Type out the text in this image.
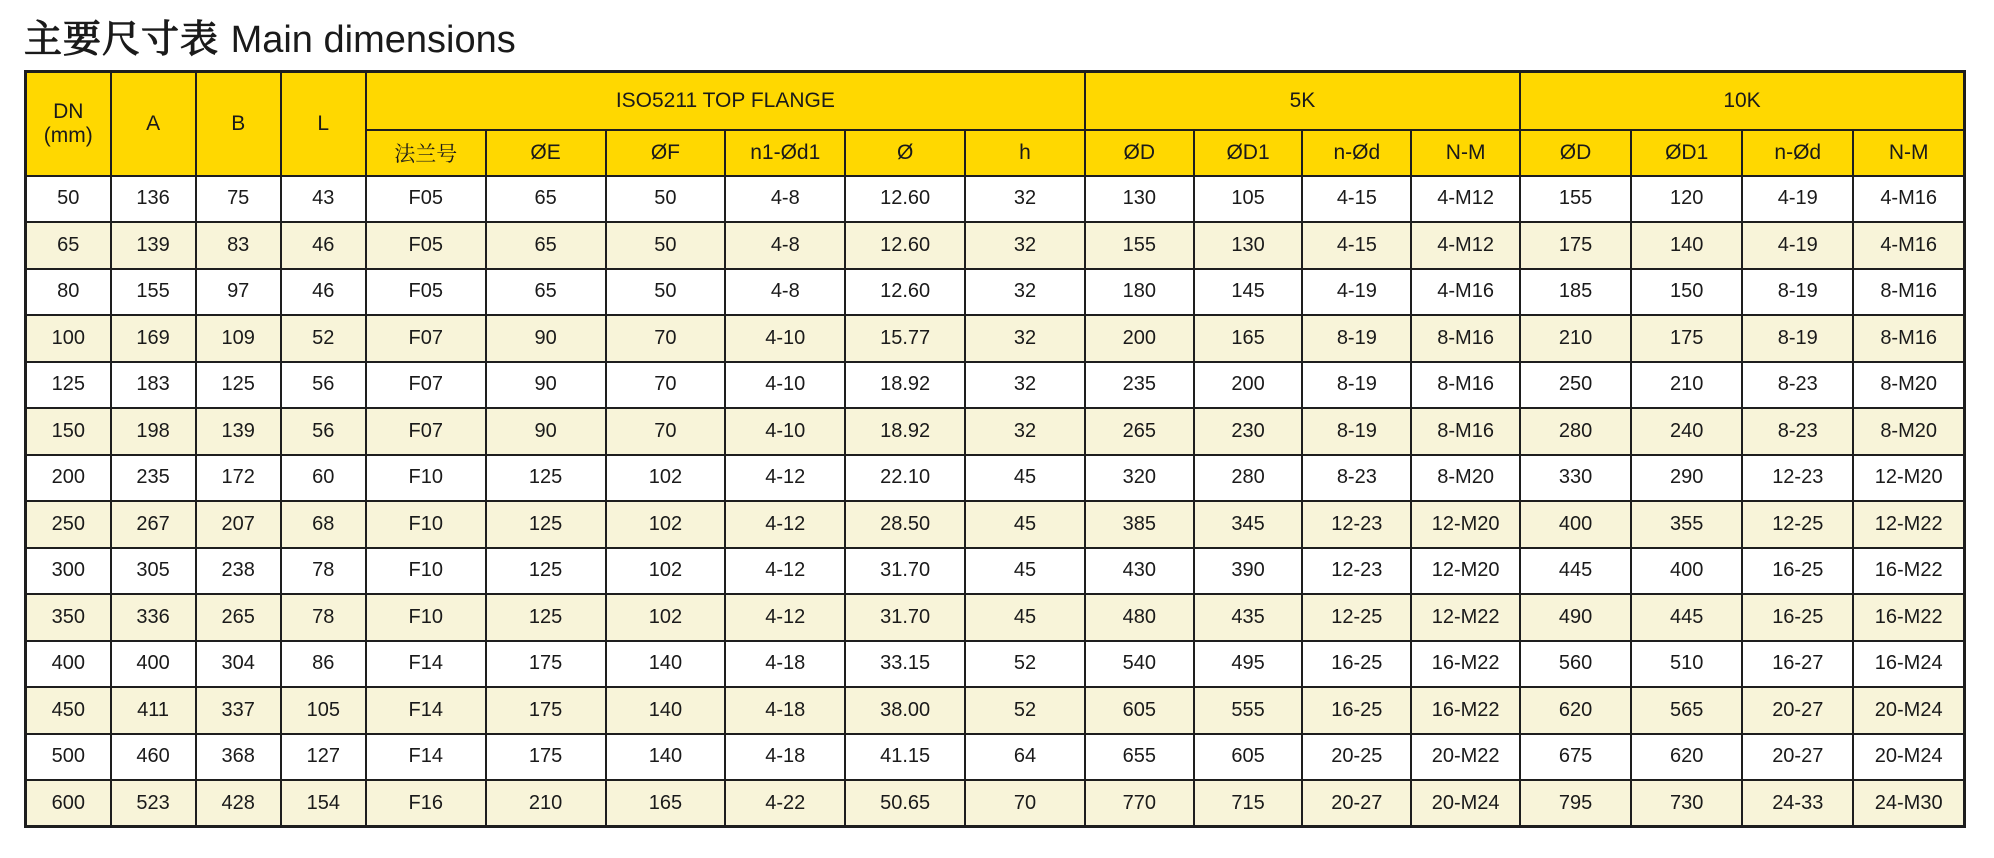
主要尺寸表 Main dimensions
DN
(mm)	A	B	L	ISO5211 TOP FLANGE						5K				10K			
				法兰号	ØE	ØF	n1-Ød1	Ø	h	ØD	ØD1	n-Ød	N-M	ØD	ØD1	n-Ød	N-M
50	136	75	43	F05	65	50	4-8	12.60	32	130	105	4-15	4-M12	155	120	4-19	4-M16
65	139	83	46	F05	65	50	4-8	12.60	32	155	130	4-15	4-M12	175	140	4-19	4-M16
80	155	97	46	F05	65	50	4-8	12.60	32	180	145	4-19	4-M16	185	150	8-19	8-M16
100	169	109	52	F07	90	70	4-10	15.77	32	200	165	8-19	8-M16	210	175	8-19	8-M16
125	183	125	56	F07	90	70	4-10	18.92	32	235	200	8-19	8-M16	250	210	8-23	8-M20
150	198	139	56	F07	90	70	4-10	18.92	32	265	230	8-19	8-M16	280	240	8-23	8-M20
200	235	172	60	F10	125	102	4-12	22.10	45	320	280	8-23	8-M20	330	290	12-23	12-M20
250	267	207	68	F10	125	102	4-12	28.50	45	385	345	12-23	12-M20	400	355	12-25	12-M22
300	305	238	78	F10	125	102	4-12	31.70	45	430	390	12-23	12-M20	445	400	16-25	16-M22
350	336	265	78	F10	125	102	4-12	31.70	45	480	435	12-25	12-M22	490	445	16-25	16-M22
400	400	304	86	F14	175	140	4-18	33.15	52	540	495	16-25	16-M22	560	510	16-27	16-M24
450	411	337	105	F14	175	140	4-18	38.00	52	605	555	16-25	16-M22	620	565	20-27	20-M24
500	460	368	127	F14	175	140	4-18	41.15	64	655	605	20-25	20-M22	675	620	20-27	20-M24
600	523	428	154	F16	210	165	4-22	50.65	70	770	715	20-27	20-M24	795	730	24-33	24-M30
